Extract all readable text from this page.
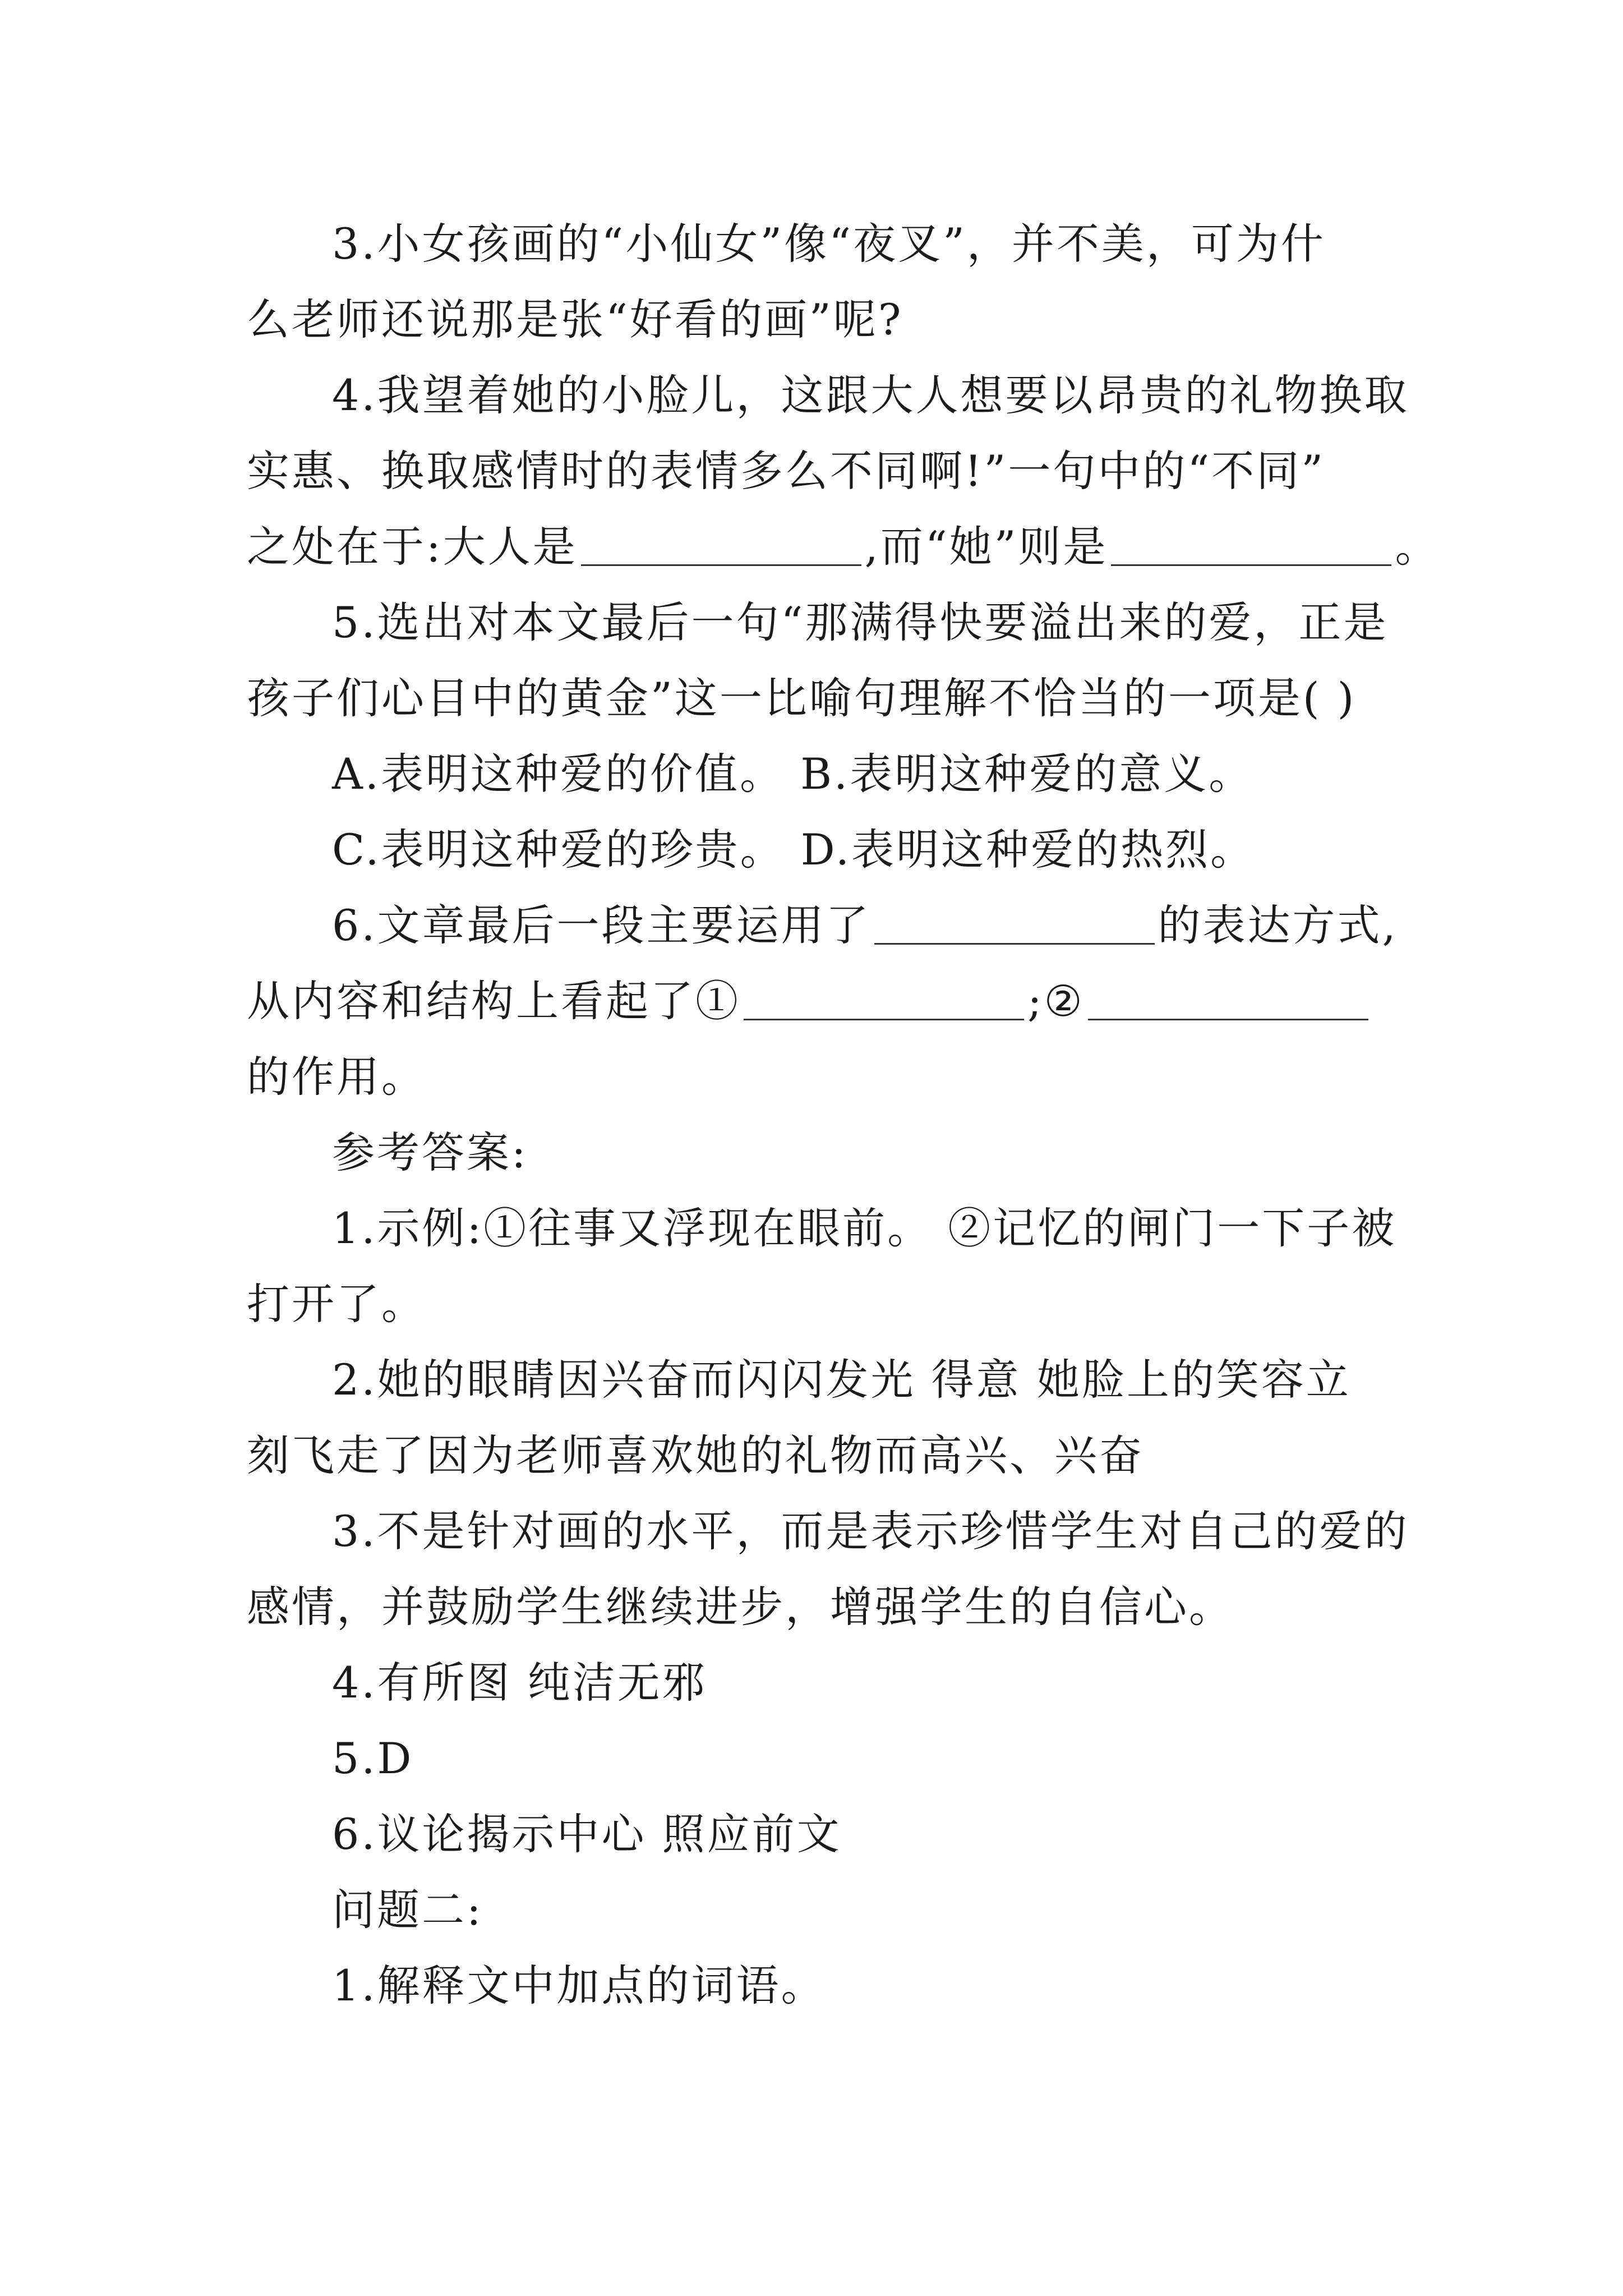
3.小女孩画的“小仙女”像“夜叉”，并不美，可为什
么老师还说那是张“好看的画”呢?
4.我望着她的小脸儿，这跟大人想要以昂贵的礼物换取
实惠、换取感情时的表情多么不同啊!”一句中的“不同”
之处在于:大人是	,而“她”则是	。
5.选出对本文最后一句“那满得快要溢出来的爱，正是
孩子们心目中的黄金”这一比喻句理解不恰当的一项是( )
A.表明这种爱的价值。 B.表明这种爱的意义。
C.表明这种爱的珍贵。 D.表明这种爱的热烈。
6.文章最后一段主要运用了	的表达方式,
从内容和结构上看起了①	;②
的作用。
参考答案:
1.示例:①往事又浮现在眼前。 ②记忆的闸门一下子被
打开了。
2.她的眼睛因兴奋而闪闪发光 得意 她脸上的笑容立
刻飞走了因为老师喜欢她的礼物而高兴、兴奋
3.不是针对画的水平，而是表示珍惜学生对自己的爱的
感情，并鼓励学生继续进步，增强学生的自信心。
4.有所图 纯洁无邪
5.D
6.议论揭示中心 照应前文
问题二:
1.解释文中加点的词语。
